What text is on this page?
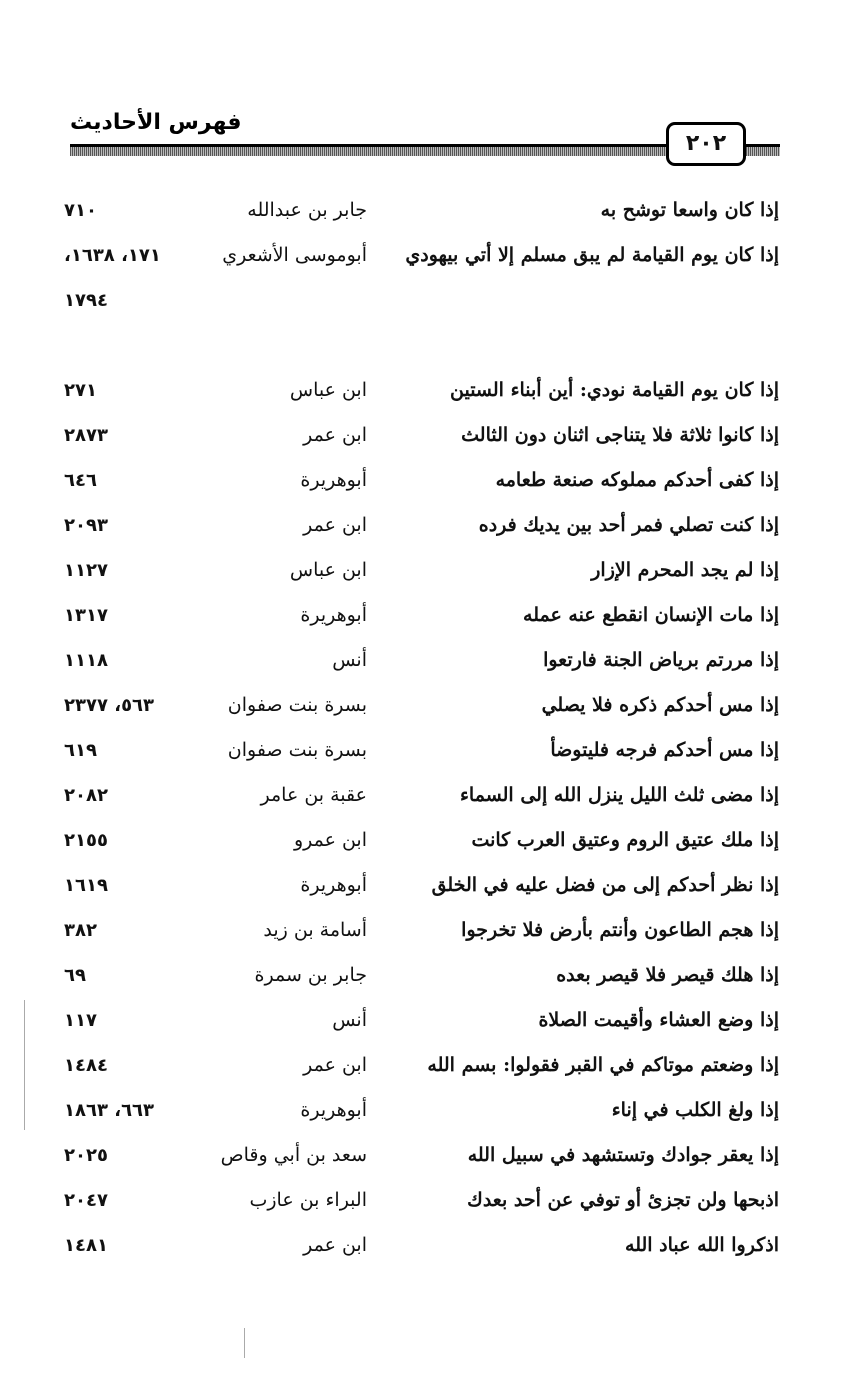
فهرس الأحاديث
٢٠٢
إذا كان واسعا توشح به
جابر بن عبدالله
٧١٠
إذا كان يوم القيامة لم يبق مسلم إلا أتي بيهودي
أبوموسى الأشعري
١٧١، ١٦٣٨،
١٧٩٤
إذا كان يوم القيامة نودي: أين أبناء الستين
ابن عباس
٢٧١
إذا كانوا ثلاثة فلا يتناجى اثنان دون الثالث
ابن عمر
٢٨٧٣
إذا كفى أحدكم مملوكه صنعة طعامه
أبوهريرة
٦٤٦
إذا كنت تصلي فمر أحد بين يديك فرده
ابن عمر
٢٠٩٣
إذا لم يجد المحرم الإزار
ابن عباس
١١٢٧
إذا مات الإنسان انقطع عنه عمله
أبوهريرة
١٣١٧
إذا مررتم برياض الجنة فارتعوا
أنس
١١١٨
إذا مس أحدكم ذكره فلا يصلي
بسرة بنت صفوان
٥٦٣، ٢٣٧٧
إذا مس أحدكم فرجه فليتوضأ
بسرة بنت صفوان
٦١٩
إذا مضى ثلث الليل ينزل الله إلى السماء
عقبة بن عامر
٢٠٨٢
إذا ملك عتيق الروم وعتيق العرب كانت
ابن عمرو
٢١٥٥
إذا نظر أحدكم إلى من فضل عليه في الخلق
أبوهريرة
١٦١٩
إذا هجم الطاعون وأنتم بأرض فلا تخرجوا
أسامة بن زيد
٣٨٢
إذا هلك قيصر فلا قيصر بعده
جابر بن سمرة
٦٩
إذا وضع العشاء وأقيمت الصلاة
أنس
١١٧
إذا وضعتم موتاكم في القبر فقولوا: بسم الله
ابن عمر
١٤٨٤
إذا ولغ الكلب في إناء
أبوهريرة
٦٦٣، ١٨٦٣
إذا يعقر جوادك وتستشهد في سبيل الله
سعد بن أبي وقاص
٢٠٢٥
اذبحها ولن تجزئ أو توفي عن أحد بعدك
البراء بن عازب
٢٠٤٧
اذكروا الله عباد الله
ابن عمر
١٤٨١
